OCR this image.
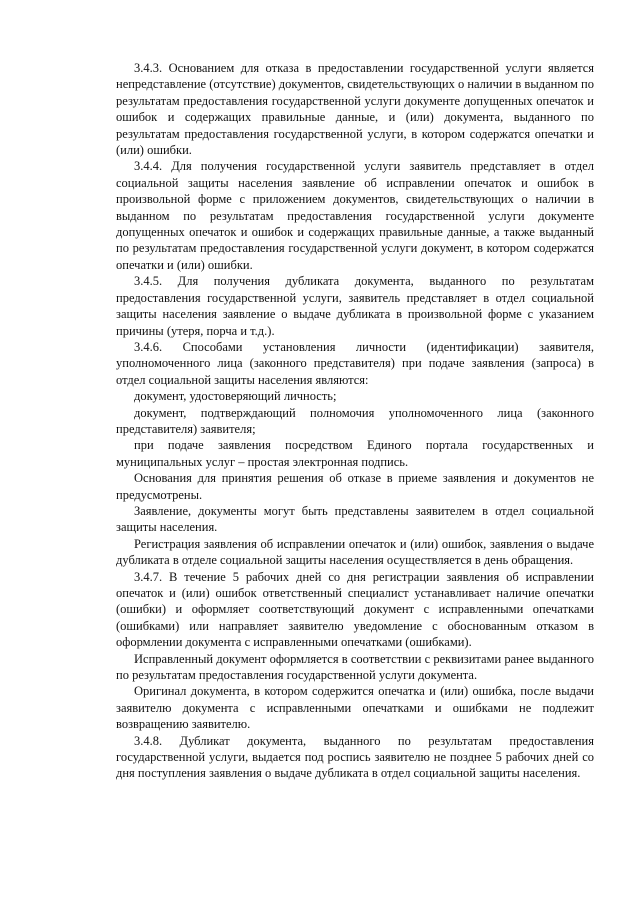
3.4.3. Основанием для отказа в предоставлении государственной услуги является непредставление (отсутствие) документов, свидетельствующих о наличии в выданном по результатам предоставления государственной услуги документе допущенных опечаток и ошибок и содержащих правильные данные, и (или) документа, выданного по результатам предоставления государственной услуги, в котором содержатся опечатки и (или) ошибки.

3.4.4. Для получения государственной услуги заявитель представляет в отдел социальной защиты населения заявление об исправлении опечаток и ошибок в произвольной форме с приложением документов, свидетельствующих о наличии в выданном по результатам предоставления государственной услуги документе допущенных опечаток и ошибок и содержащих правильные данные, а также выданный по результатам предоставления государственной услуги документ, в котором содержатся опечатки и (или) ошибки.

3.4.5. Для получения дубликата документа, выданного по результатам предоставления государственной услуги, заявитель представляет в отдел социальной защиты населения заявление о выдаче дубликата в произвольной форме с указанием причины (утеря, порча и т.д.).

3.4.6. Способами установления личности (идентификации) заявителя, уполномоченного лица (законного представителя) при подаче заявления (запроса) в отдел социальной защиты населения являются:

документ, удостоверяющий личность;

документ, подтверждающий полномочия уполномоченного лица (законного представителя) заявителя;

при подаче заявления посредством Единого портала государственных и муниципальных услуг – простая электронная подпись.

Основания для принятия решения об отказе в приеме заявления и документов не предусмотрены.

Заявление, документы могут быть представлены заявителем в отдел социальной защиты населения.

Регистрация заявления об исправлении опечаток и (или) ошибок, заявления о выдаче дубликата в отделе социальной защиты населения осуществляется в день обращения.

3.4.7. В течение 5 рабочих дней со дня регистрации заявления об исправлении опечаток и (или) ошибок ответственный специалист устанавливает наличие опечатки (ошибки) и оформляет соответствующий документ с исправленными опечатками (ошибками) или направляет заявителю уведомление с обоснованным отказом в оформлении документа с исправленными опечатками (ошибками).

Исправленный документ оформляется в соответствии с реквизитами ранее выданного по результатам предоставления государственной услуги документа.

Оригинал документа, в котором содержится опечатка и (или) ошибка, после выдачи заявителю документа с исправленными опечатками и ошибками не подлежит возвращению заявителю.

3.4.8. Дубликат документа, выданного по результатам предоставления государственной услуги, выдается под роспись заявителю не позднее 5 рабочих дней со дня поступления заявления о выдаче дубликата в отдел социальной защиты населения.
